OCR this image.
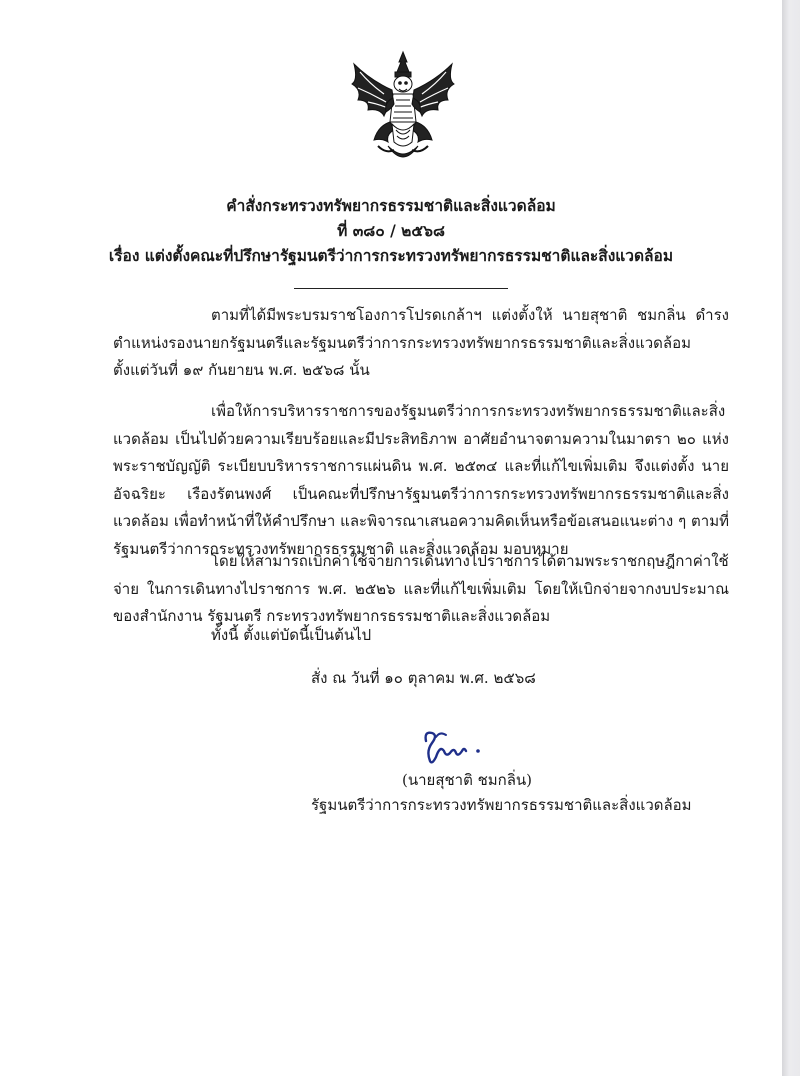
คำสั่งกระทรวงทรัพยากรธรรมชาติและสิ่งแวดล้อม
ที่ ๓๘๐ / ๒๕๖๘
เรื่อง แต่งตั้งคณะที่ปรึกษารัฐมนตรีว่าการกระทรวงทรัพยากรธรรมชาติและสิ่งแวดล้อม
ตามที่ได้มีพระบรมราชโองการโปรดเกล้าฯ แต่งตั้งให้ นายสุชาติ ชมกลิ่น ดำรงตำแหน่งรองนายกรัฐมนตรีและรัฐมนตรีว่าการกระทรวงทรัพยากรธรรมชาติและสิ่งแวดล้อม ตั้งแต่วันที่ ๑๙ กันยายน พ.ศ. ๒๕๖๘ นั้น
เพื่อให้การบริหารราชการของรัฐมนตรีว่าการกระทรวงทรัพยากรธรรมชาติและสิ่งแวดล้อม เป็นไปด้วยความเรียบร้อยและมีประสิทธิภาพ อาศัยอำนาจตามความในมาตรา ๒๐ แห่งพระราชบัญญัติ ระเบียบบริหารราชการแผ่นดิน พ.ศ. ๒๕๓๔ และที่แก้ไขเพิ่มเติม จึงแต่งตั้ง นายอัจฉริยะ เรืองรัตนพงศ์ เป็นคณะที่ปรึกษารัฐมนตรีว่าการกระทรวงทรัพยากรธรรมชาติและสิ่งแวดล้อม เพื่อทำหน้าที่ให้คำปรึกษา และพิจารณาเสนอความคิดเห็นหรือข้อเสนอแนะต่าง ๆ ตามที่รัฐมนตรีว่าการกระทรวงทรัพยากรธรรมชาติ และสิ่งแวดล้อม มอบหมาย
โดยให้สามารถเบิกค่าใช้จ่ายการเดินทางไปราชการได้ตามพระราชกฤษฎีกาค่าใช้จ่าย ในการเดินทางไปราชการ พ.ศ. ๒๕๒๖ และที่แก้ไขเพิ่มเติม โดยให้เบิกจ่ายจากงบประมาณของสำนักงาน รัฐมนตรี กระทรวงทรัพยากรธรรมชาติและสิ่งแวดล้อม
ทั้งนี้ ตั้งแต่บัดนี้เป็นต้นไป
สั่ง ณ วันที่ ๑๐ ตุลาคม พ.ศ. ๒๕๖๘
(นายสุชาติ ชมกลิ่น)
รัฐมนตรีว่าการกระทรวงทรัพยากรธรรมชาติและสิ่งแวดล้อม
